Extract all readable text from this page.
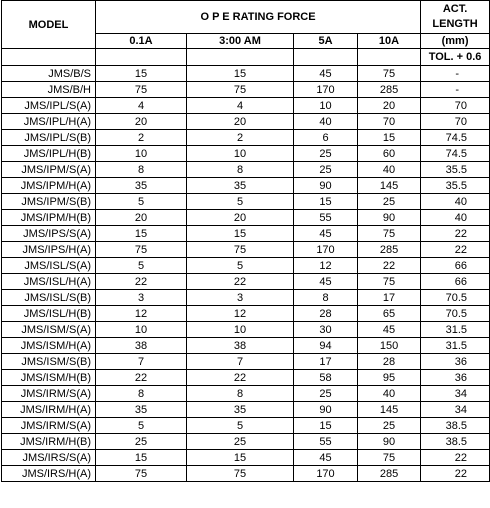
MODEL	O P E RATING FORCE				ACT. LENGTH
	0.1A	3:00 AM	5A	10A	(mm)
					TOL. + 0.6
JMS/B/S	15	15	45	75	-
JMS/B/H	75	75	170	285	-
JMS/IPL/S(A)	4	4	10	20	70
JMS/IPL/H(A)	20	20	40	70	70
JMS/IPL/S(B)	2	2	6	15	74.5
JMS/IPL/H(B)	10	10	25	60	74.5
JMS/IPM/S(A)	8	8	25	40	35.5
JMS/IPM/H(A)	35	35	90	145	35.5
JMS/IPM/S(B)	5	5	15	25	40
JMS/IPM/H(B)	20	20	55	90	40
JMS/IPS/S(A)	15	15	45	75	22
JMS/IPS/H(A)	75	75	170	285	22
JMS/ISL/S(A)	5	5	12	22	66
JMS/ISL/H(A)	22	22	45	75	66
JMS/ISL/S(B)	3	3	8	17	70.5
JMS/ISL/H(B)	12	12	28	65	70.5
JMS/ISM/S(A)	10	10	30	45	31.5
JMS/ISM/H(A)	38	38	94	150	31.5
JMS/ISM/S(B)	7	7	17	28	36
JMS/ISM/H(B)	22	22	58	95	36
JMS/IRM/S(A)	8	8	25	40	34
JMS/IRM/H(A)	35	35	90	145	34
JMS/IRM/S(A)	5	5	15	25	38.5
JMS/IRM/H(B)	25	25	55	90	38.5
JMS/IRS/S(A)	15	15	45	75	22
JMS/IRS/H(A)	75	75	170	285	22
